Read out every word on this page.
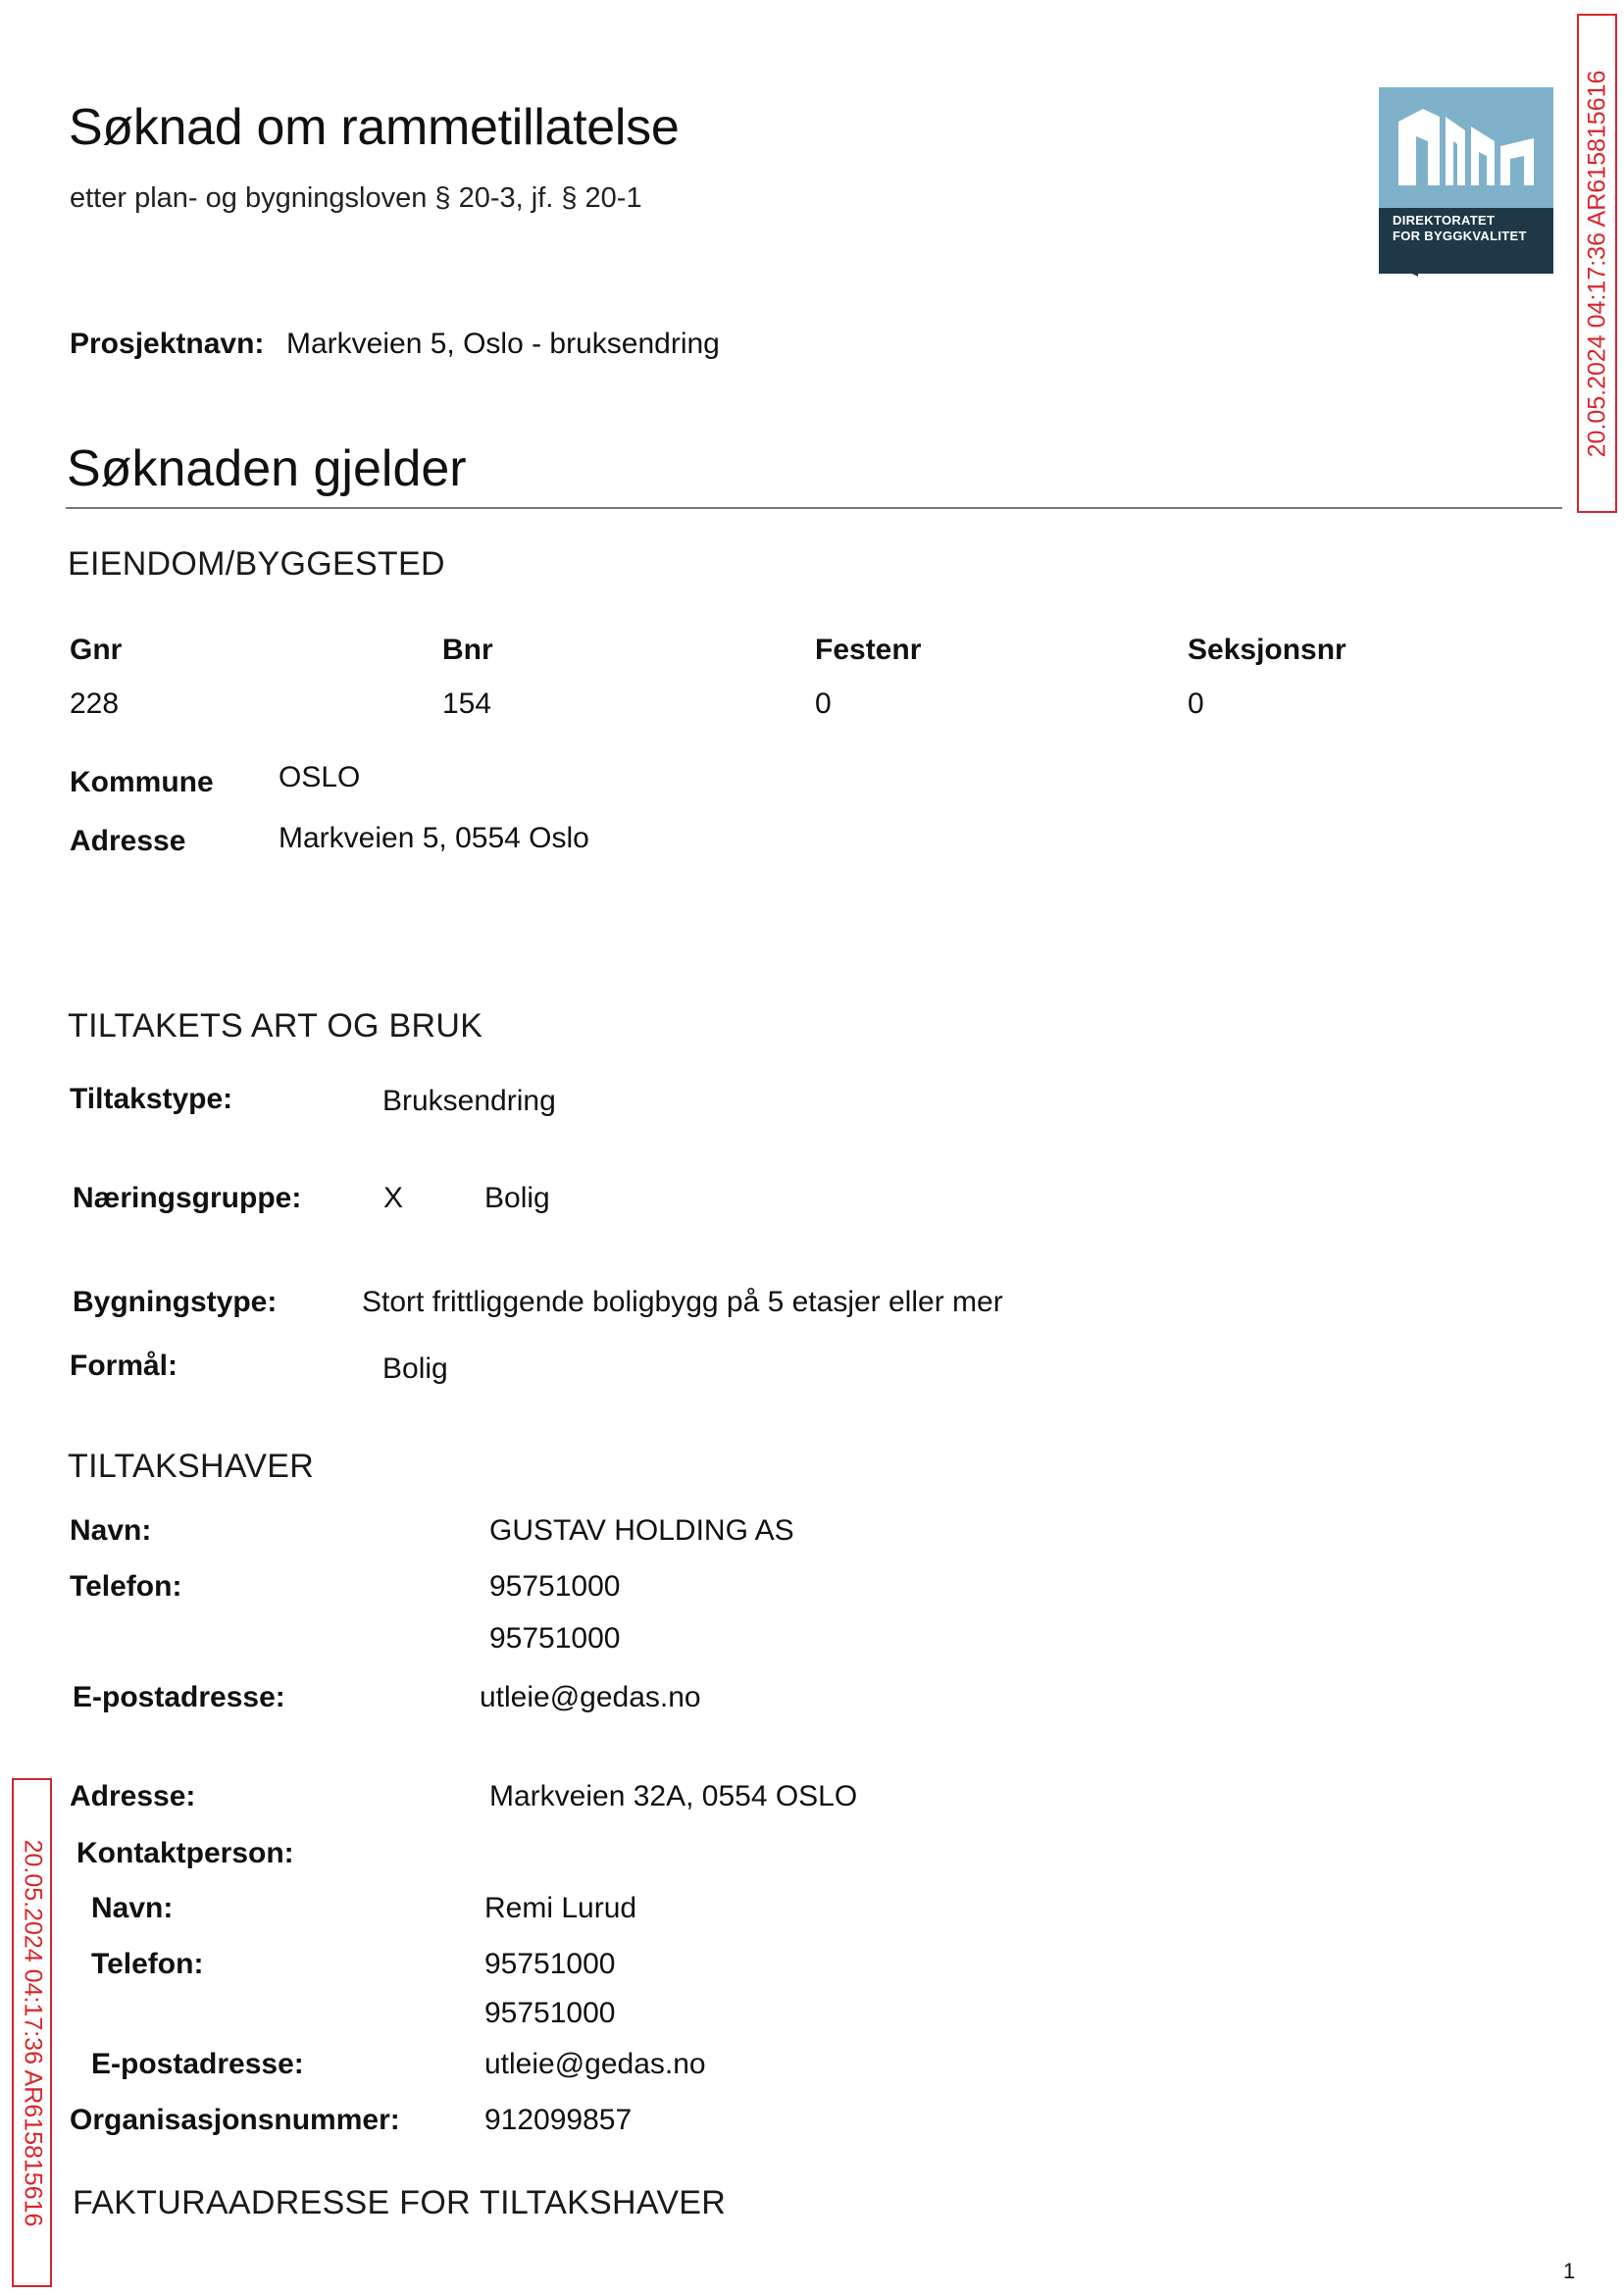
Søknad om rammetillatelse
etter plan- og bygningsloven § 20-3, jf. § 20-1
DIREKTORATET
FOR BYGGKVALITET 20.05.2024 04:17:36 AR615815616
20.05.2024 04:17:36 AR615815616
Prosjektnavn: Markveien 5, Oslo - bruksendring
Søknaden gjelder
EIENDOM/BYGGESTED
Gnr	Bnr	Festenr	Seksjonsnr
228	154	0	0
Kommune OSLO
Adresse	Markveien 5, 0554 Oslo
TILTAKETS ART OG BRUK
Tiltakstype:	Bruksendring
Næringsgruppe:	X	Bolig
Bygningstype:	Stort frittliggende boligbygg på 5 etasjer eller mer
Formål:	Bolig
TILTAKSHAVER
Navn:	GUSTAV HOLDING AS
Telefon:	95751000
95751000
E-postadresse:	utleie@gedas.no
Adresse:	Markveien 32A, 0554 OSLO
Kontaktperson:
Navn:	Remi Lurud
Telefon:	95751000
95751000
E-postadresse:	utleie@gedas.no
Organisasjonsnummer:	912099857
FAKTURAADRESSE FOR TILTAKSHAVER
1
